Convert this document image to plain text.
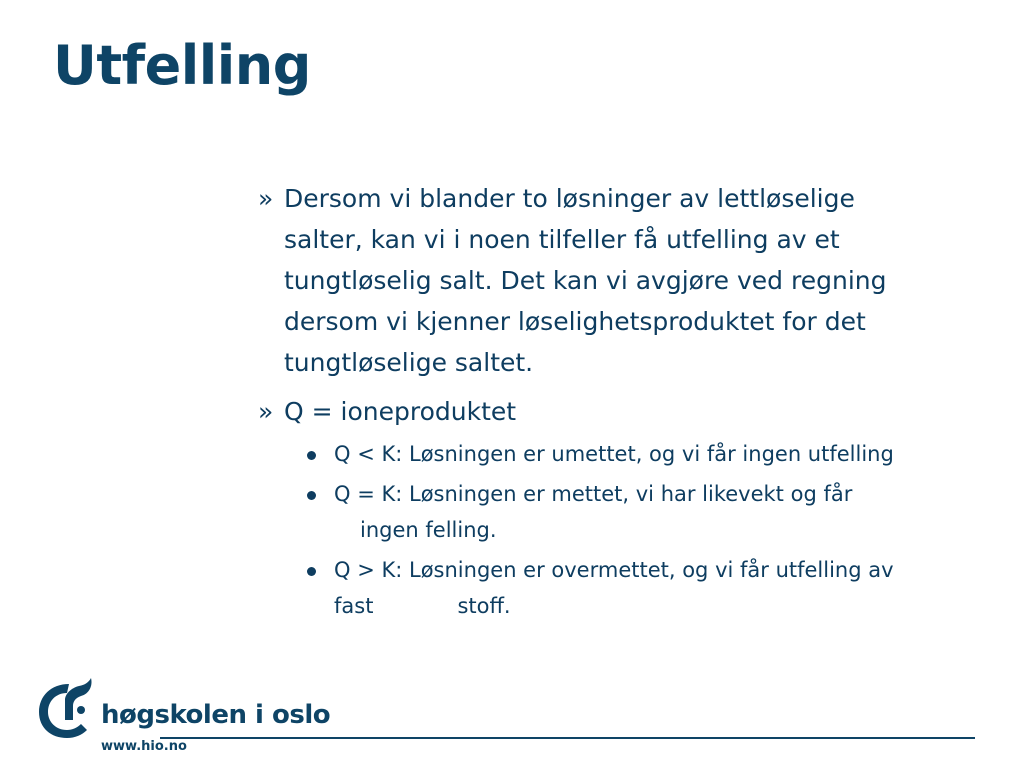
Utfelling
» Dersom vi blander to løsninger av lettløselige salter, kan vi i noen tilfeller få utfelling av et tungtløselig salt. Det kan vi avgjøre ved regning dersom vi kjenner løselighetsproduktet for det tungtløselige saltet.
» Q = ioneproduktet
Q < K: Løsningen er umettet, og vi får ingen utfelling
Q = K: Løsningen er mettet, vi har likevekt og får
ingen felling.
Q > K: Løsningen er overmettet, og vi får utfelling av
fast	stoff.
høgskolen i oslo
www.hio.no
